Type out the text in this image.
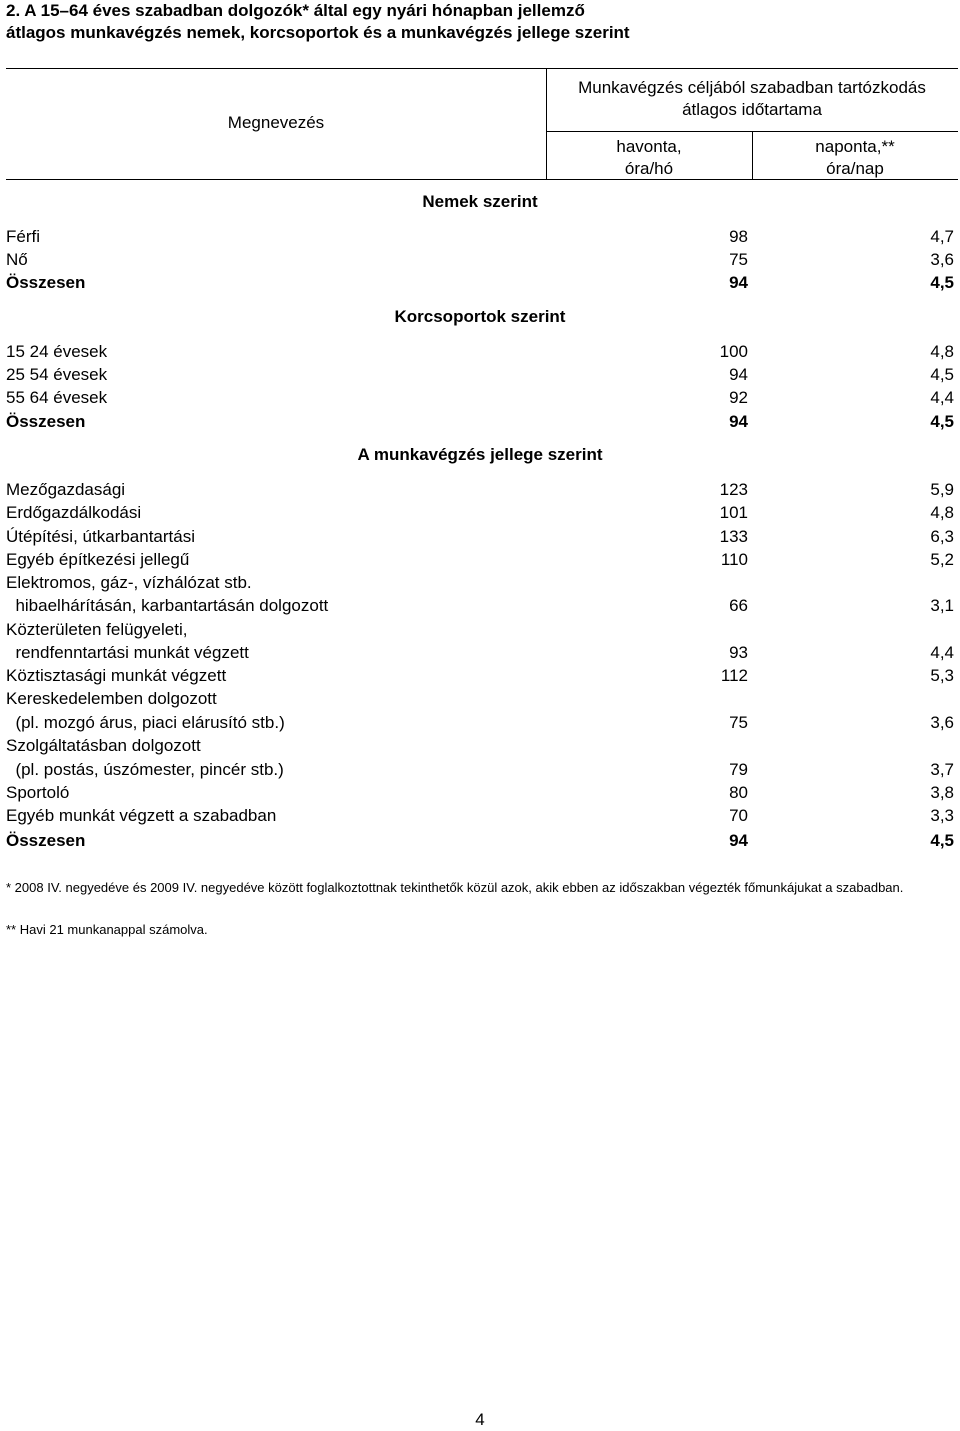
2. A 15–64 éves szabadban dolgozók* által egy nyári hónapban jellemző
átlagos munkavégzés nemek, korcsoportok és a munkavégzés jellege szerint
Megnevezés
Munkavégzés céljából szabadban tartózkodás
átlagos időtartama
havonta,
óra/hó
naponta,**
óra/nap
Nemek szerint
Férfi	98	4,7
Nő	75	3,6
Összesen	94	4,5
Korcsoportok szerint
15 24 évesek	100	4,8
25 54 évesek	94	4,5
55 64 évesek	92	4,4
Összesen	94	4,5
A munkavégzés jellege szerint
Mezőgazdasági	123	5,9
Erdőgazdálkodási	101	4,8
Útépítési, útkarbantartási	133	6,3
Egyéb építkezési jellegű	110	5,2
Elektromos, gáz-, vízhálózat stb.
hibaelhárításán, karbantartásán dolgozott	66	3,1
Közterületen felügyeleti,
rendfenntartási munkát végzett	93	4,4
Köztisztasági munkát végzett	112	5,3
Kereskedelemben dolgozott
(pl. mozgó árus, piaci elárusító stb.)	75	3,6
Szolgáltatásban dolgozott
(pl. postás, úszómester, pincér stb.)	79	3,7
Sportoló	80	3,8
Egyéb munkát végzett a szabadban	70	3,3
Összesen	94	4,5
* 2008 IV. negyedéve és 2009 IV. negyedéve között foglalkoztottnak tekinthetők közül azok, akik ebben az időszakban végezték főmunkájukat a szabadban.
** Havi 21 munkanappal számolva.
4
